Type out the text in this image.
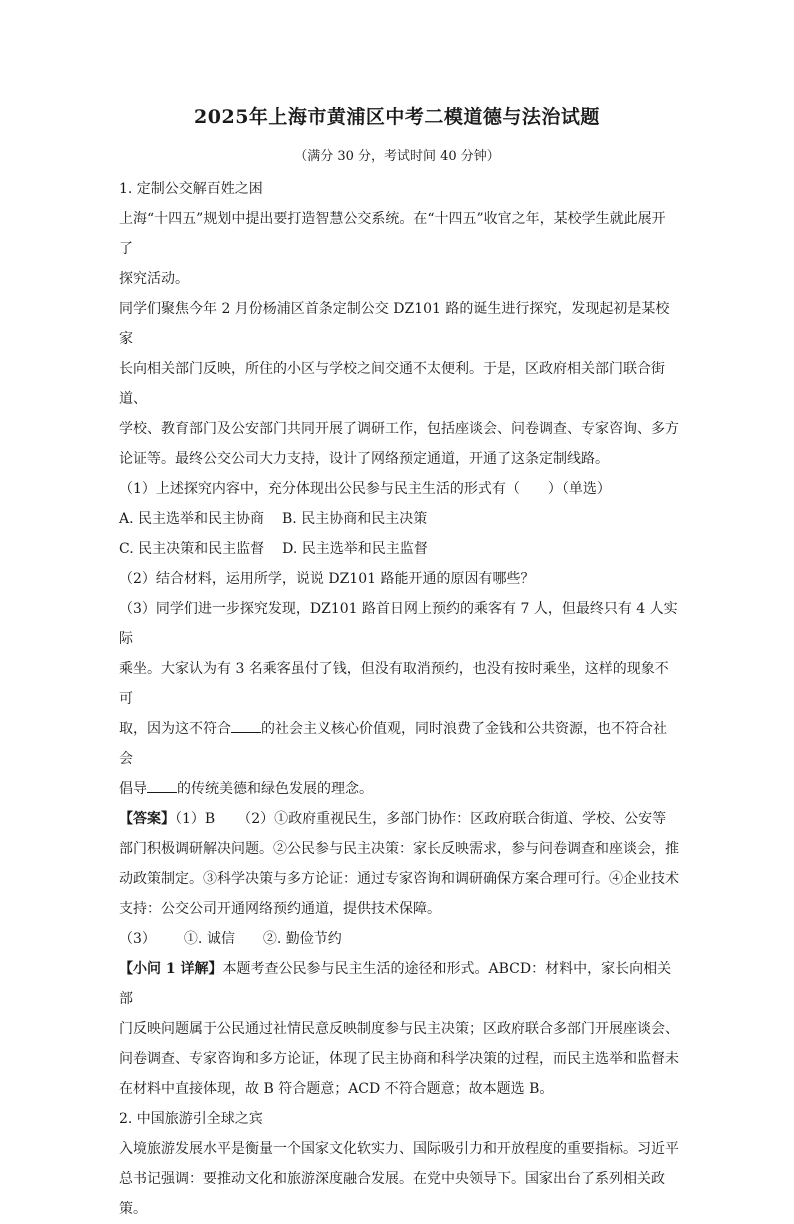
2025年上海市黄浦区中考二模道德与法治试题
（满分 30 分，考试时间 40 分钟）

1. 定制公交解百姓之困

上海“十四五”规划中提出要打造智慧公交系统。在“十四五”收官之年，某校学生就此展开了

探究活动。

同学们聚焦今年 2 月份杨浦区首条定制公交 DZ101 路的诞生进行探究，发现起初是某校家

长向相关部门反映，所住的小区与学校之间交通不太便利。于是，区政府相关部门联合街道、

学校、教育部门及公安部门共同开展了调研工作，包括座谈会、问卷调查、专家咨询、多方

论证等。最终公交公司大力支持，设计了网络预定通道，开通了这条定制线路。

（1）上述探究内容中，充分体现出公民参与民主生活的形式有（　　）（单选）

A. 民主选举和民主协商 B. 民主协商和民主决策

C. 民主决策和民主监督 D. 民主选举和民主监督

（2）结合材料，运用所学，说说 DZ101 路能开通的原因有哪些？

（3）同学们进一步探究发现，DZ101 路首日网上预约的乘客有 7 人，但最终只有 4 人实际

乘坐。大家认为有 3 名乘客虽付了钱，但没有取消预约，也没有按时乘坐，这样的现象不可

取，因为这不符合 的社会主义核心价值观，同时浪费了金钱和公共资源，也不符合社会

倡导 的传统美德和绿色发展的理念。

【答案】（1）B （2）①政府重视民生，多部门协作：区政府联合街道、学校、公安等

部门积极调研解决问题。②公民参与民主决策：家长反映需求，参与问卷调查和座谈会，推

动政策制定。③科学决策与多方论证：通过专家咨询和调研确保方案合理可行。④企业技术

支持：公交公司开通网络预约通道，提供技术保障。

（3） ①. 诚信 ②. 勤俭节约

【小问 1 详解】本题考查公民参与民主生活的途径和形式。ABCD：材料中，家长向相关部

门反映问题属于公民通过社情民意反映制度参与民主决策；区政府联合多部门开展座谈会、

问卷调查、专家咨询和多方论证，体现了民主协商和科学决策的过程，而民主选举和监督未

在材料中直接体现，故 B 符合题意；ACD 不符合题意；故本题选 B。

2. 中国旅游引全球之宾

入境旅游发展水平是衡量一个国家文化软实力、国际吸引力和开放程度的重要指标。习近平

总书记强调：要推动文化和旅游深度融合发展。在党中央领导下。国家出台了系列相关政策。
